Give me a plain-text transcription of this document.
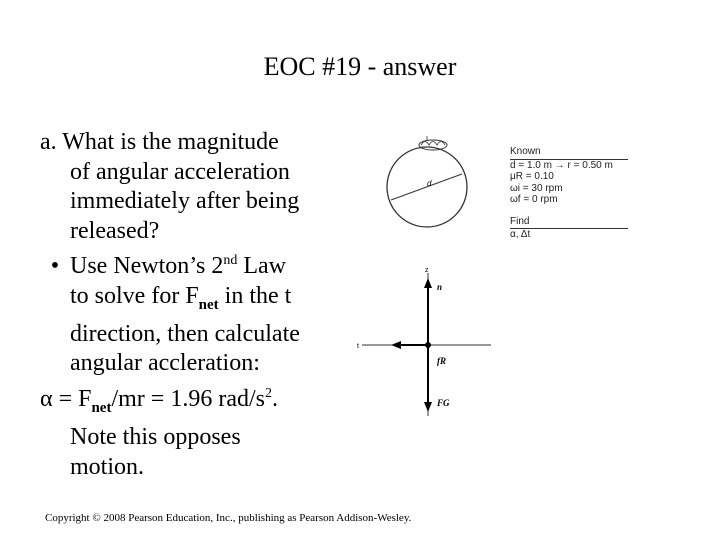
EOC #19 - answer
a. What is the magnitude
of angular acceleration
immediately after being
released?
• Use Newton’s 2nd Law
to solve for $F_{net}$ in the t
direction, then calculate
angular accleration:
$\alpha = F_{net}/mr = 1.96$ rad/$s^2$.
Note this opposes
motion.
d
z
t
n
fR
FG
Known
d = 1.0 m → r = 0.50 m
μR = 0.10
ωi = 30 rpm
ωf = 0 rpm
Find
α, Δt
Copyright © 2008 Pearson Education, Inc., publishing as Pearson Addison-Wesley.
